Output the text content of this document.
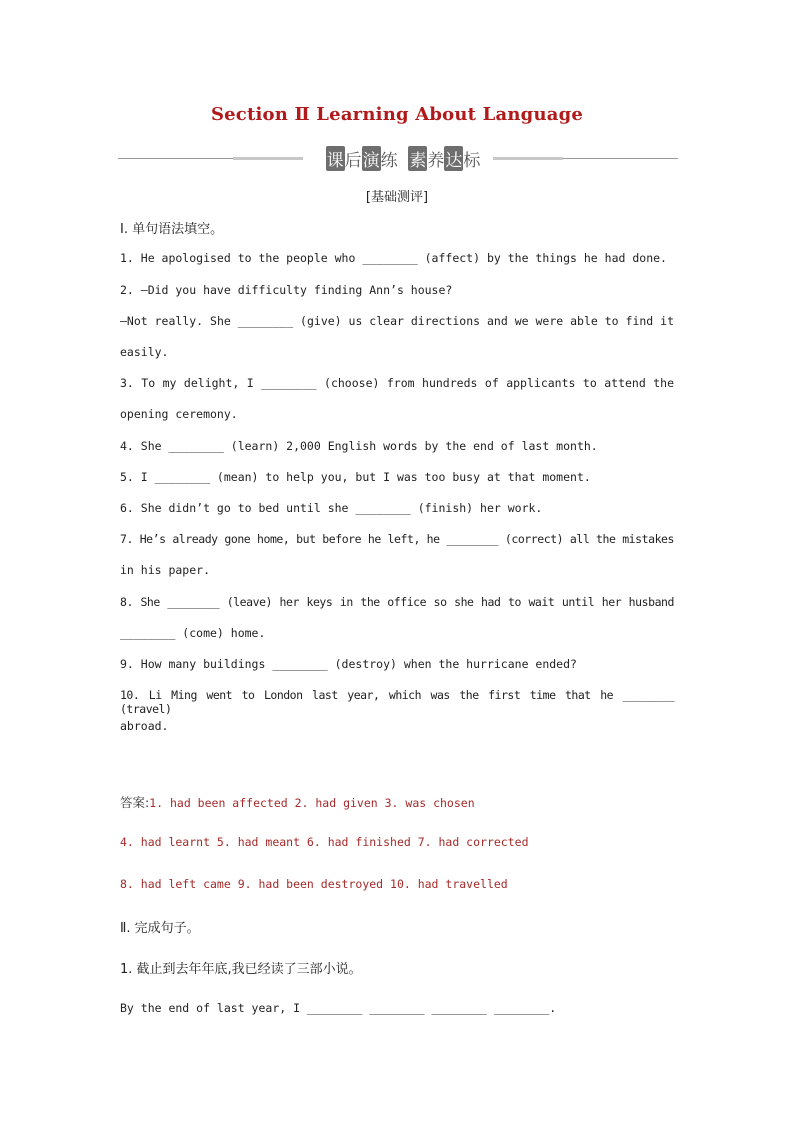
Section Ⅱ Learning About Language
课后演练 素养达标
[基础测评]
Ⅰ. 单句语法填空。
1. He apologised to the people who ________ (affect) by the things he had done.
2. —Did you have difficulty finding Ann’s house?
—Not really. She ________ (give) us clear directions and we were able to find it
easily.
3. To my delight, I ________ (choose) from hundreds of applicants to attend the
opening ceremony.
4. She ________ (learn) 2,000 English words by the end of last month.
5. I ________ (mean) to help you, but I was too busy at that moment.
6. She didn’t go to bed until she ________ (finish) her work.
7. He’s already gone home, but before he left, he ________ (correct) all the mistakes
in his paper.
8. She ________ (leave) her keys in the office so she had to wait until her husband
________ (come) home.
9. How many buildings ________ (destroy) when the hurricane ended?
10. Li Ming went to London last year, which was the first time that he ________ (travel)
abroad.
答案:1. had been affected 2. had given 3. was chosen
4. had learnt 5. had meant 6. had finished 7. had corrected
8. had left came 9. had been destroyed 10. had travelled
Ⅱ. 完成句子。
1. 截止到去年年底,我已经读了三部小说。
By the end of last year, I ________ ________ ________ ________.
